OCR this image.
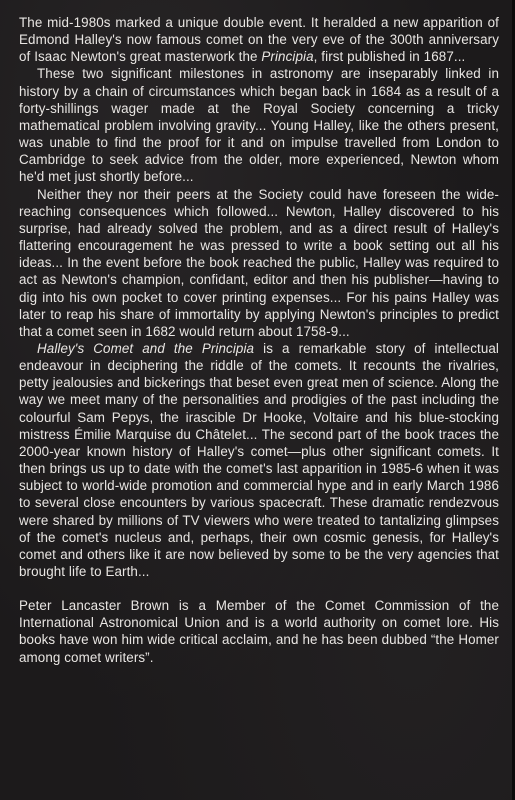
The mid-1980s marked a unique double event. It heralded a new apparition of Edmond Halley's now famous comet on the very eve of the 300th anniversary of Isaac Newton's great masterwork the Principia, first published in 1687...

These two significant milestones in astronomy are inseparably linked in history by a chain of circumstances which began back in 1684 as a result of a forty-shillings wager made at the Royal Society concerning a tricky mathematical problem involving gravity... Young Halley, like the others present, was unable to find the proof for it and on impulse travelled from London to Cambridge to seek advice from the older, more experienced, Newton whom he'd met just shortly before...

Neither they nor their peers at the Society could have foreseen the wide-reaching consequences which followed... Newton, Halley discovered to his surprise, had already solved the problem, and as a direct result of Halley's flattering encouragement he was pressed to write a book setting out all his ideas... In the event before the book reached the public, Halley was required to act as Newton's champion, confidant, editor and then his publisher—having to dig into his own pocket to cover printing expenses... For his pains Halley was later to reap his share of immortality by applying Newton's principles to predict that a comet seen in 1682 would return about 1758-9...

Halley's Comet and the Principia is a remarkable story of intellectual endeavour in deciphering the riddle of the comets. It recounts the rivalries, petty jealousies and bickerings that beset even great men of science. Along the way we meet many of the personalities and prodigies of the past including the colourful Sam Pepys, the irascible Dr Hooke, Voltaire and his blue-stocking mistress Émilie Marquise du Châtelet... The second part of the book traces the 2000-year known history of Halley's comet—plus other significant comets. It then brings us up to date with the comet's last apparition in 1985-6 when it was subject to world-wide promotion and commercial hype and in early March 1986 to several close encounters by various spacecraft. These dramatic rendezvous were shared by millions of TV viewers who were treated to tantalizing glimpses of the comet's nucleus and, perhaps, their own cosmic genesis, for Halley's comet and others like it are now believed by some to be the very agencies that brought life to Earth...

Peter Lancaster Brown is a Member of the Comet Commission of the International Astronomical Union and is a world authority on comet lore. His books have won him wide critical acclaim, and he has been dubbed “the Homer among comet writers”.
